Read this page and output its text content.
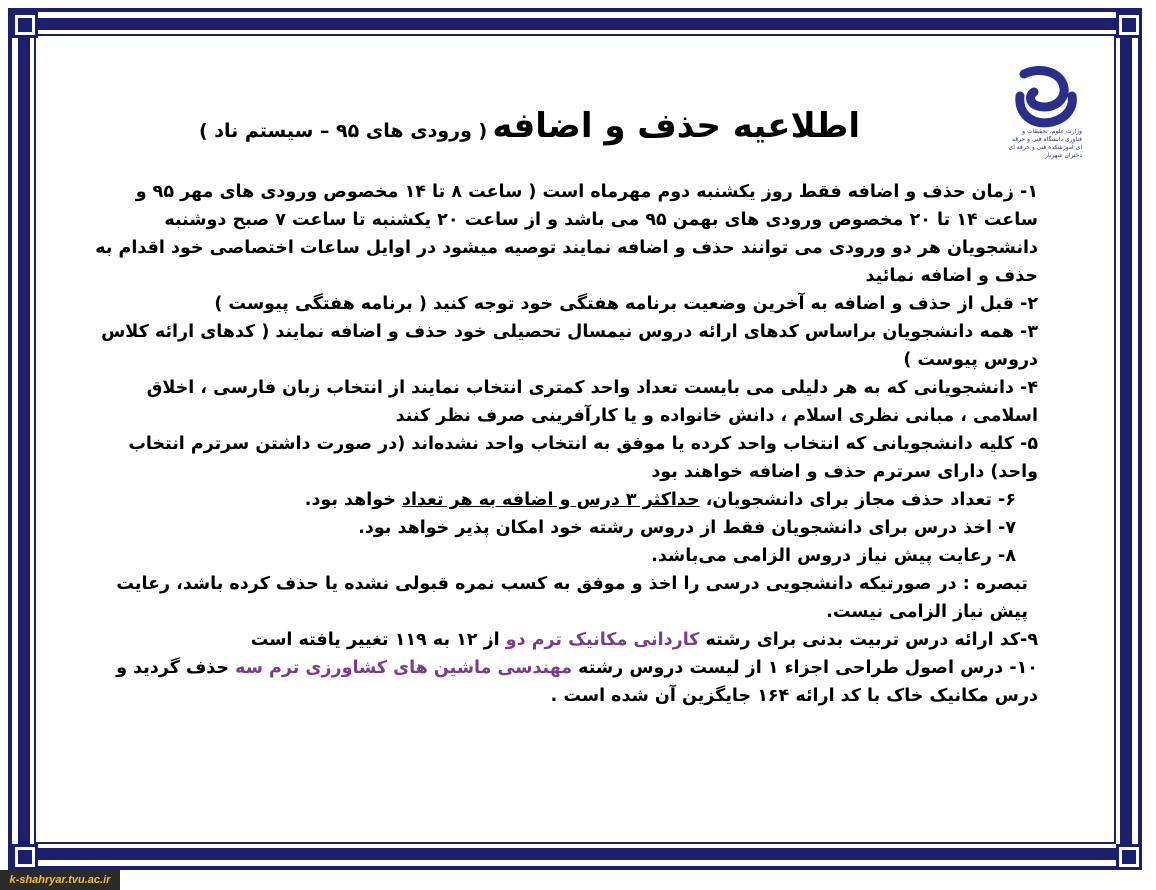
وزارت علوم، تحقیقات و فناوری دانشگاه فنی و حرفه ای آموزشکده فنی و حرفه ای دختران شهریار
اطلاعیه حذف و اضافه ( ورودی های ۹۵ – سیستم ناد )

۱- زمان حذف و اضافه فقط روز یکشنبه دوم مهرماه است ( ساعت ۸ تا ۱۴ مخصوص ورودی های مهر ۹۵ و ساعت ۱۴ تا ۲۰ مخصوص ورودی های بهمن ۹۵ می باشد و از ساعت ۲۰ یکشنبه تا ساعت ۷ صبح دوشنبه دانشجویان هر دو ورودی می توانند حذف و اضافه نمایند توصیه میشود در اوایل ساعات اختصاصی خود اقدام به حذف و اضافه نمائید

۲- قبل از حذف و اضافه به آخرین وضعیت برنامه هفتگی خود توجه کنید ( برنامه هفتگی پیوست )

۳- همه دانشجویان براساس کدهای ارائه دروس نیمسال تحصیلی خود حذف و اضافه نمایند ( کدهای ارائه کلاس دروس پیوست )

۴- دانشجویانی که به هر دلیلی می بایست تعداد واحد کمتری انتخاب نمایند از انتخاب زبان فارسی ، اخلاق اسلامی ، مبانی نظری اسلام ، دانش خانواده و یا کارآفرینی صرف نظر کنند

۵- کلیه دانشجویانی که انتخاب واحد کرده یا موفق به انتخاب واحد نشده‌اند (در صورت داشتن سرترم انتخاب واحد) دارای سرترم حذف و اضافه خواهند بود

۶- تعداد حذف مجاز برای دانشجویان، حداکثر ۳ درس و اضافه به هر تعداد خواهد بود.

۷- اخذ درس برای دانشجویان فقط از دروس رشته خود امکان پذیر خواهد بود.

۸- رعایت پیش نیاز دروس الزامی می‌باشد.

تبصره : در صورتیکه دانشجویی درسی را اخذ و موفق به کسب نمره قبولی نشده یا حذف کرده باشد، رعایت پیش نیاز الزامی نیست.

۹-کد ارائه درس تربیت بدنی برای رشته کاردانی مکانیک ترم دو از ۱۲ به ۱۱۹ تغییر یافته است

۱۰- درس اصول طراحی اجزاء ۱ از لیست دروس رشته مهندسی ماشین های کشاورزی ترم سه حذف گردید و درس مکانیک خاک با کد ارائه ۱۶۴ جایگزین آن شده است .

k-shahryar.tvu.ac.ir
